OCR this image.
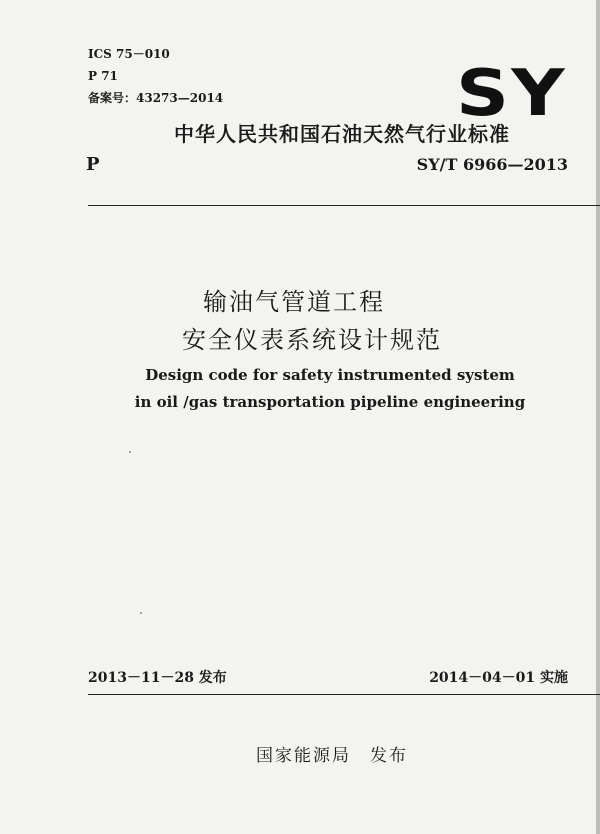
ICS 75－010
P 71
备案号：43273—2014	SY
中华人民共和国石油天然气行业标准
P	SY/T 6966—2013
输油气管道工程
安全仪表系统设计规范
Design code for safety instrumented system
in oil /gas transportation pipeline engineering
2013－11－28 发布	2014－04－01 实施
国家能源局　发布
